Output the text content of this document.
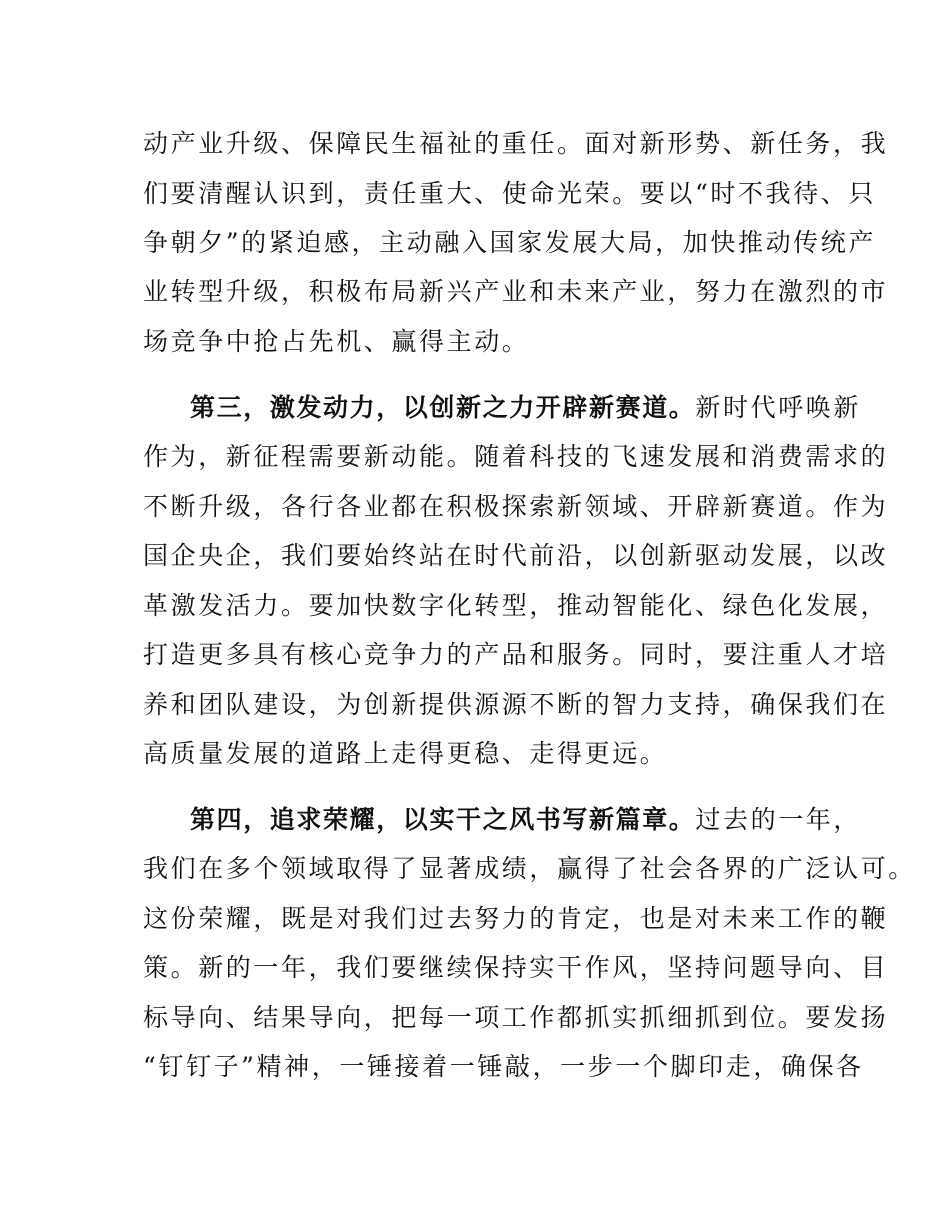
动产业升级、保障民生福祉的重任。面对新形势、新任务，我
们要清醒认识到，责任重大、使命光荣。要以“时不我待、只
争朝夕”的紧迫感，主动融入国家发展大局，加快推动传统产
业转型升级，积极布局新兴产业和未来产业，努力在激烈的市
场竞争中抢占先机、赢得主动。
第三，激发动力，以创新之力开辟新赛道。新时代呼唤新
作为，新征程需要新动能。随着科技的飞速发展和消费需求的
不断升级，各行各业都在积极探索新领域、开辟新赛道。作为
国企央企，我们要始终站在时代前沿，以创新驱动发展，以改
革激发活力。要加快数字化转型，推动智能化、绿色化发展，
打造更多具有核心竞争力的产品和服务。同时，要注重人才培
养和团队建设，为创新提供源源不断的智力支持，确保我们在
高质量发展的道路上走得更稳、走得更远。
第四，追求荣耀，以实干之风书写新篇章。过去的一年，
我们在多个领域取得了显著成绩，赢得了社会各界的广泛认可。
这份荣耀，既是对我们过去努力的肯定，也是对未来工作的鞭
策。新的一年，我们要继续保持实干作风，坚持问题导向、目
标导向、结果导向，把每一项工作都抓实抓细抓到位。要发扬
“钉钉子”精神，一锤接着一锤敲，一步一个脚印走，确保各
